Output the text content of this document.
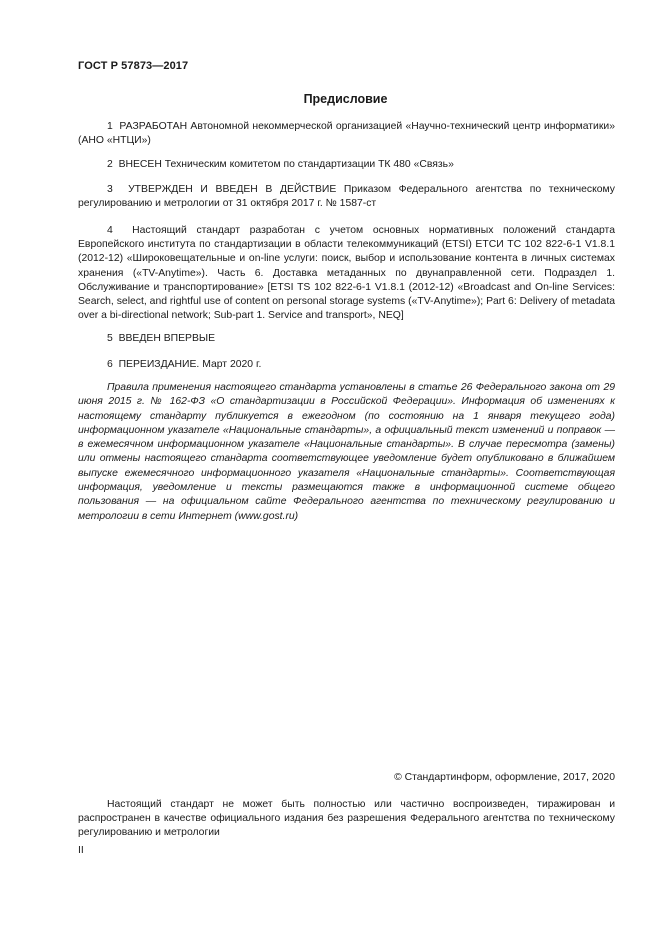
ГОСТ Р 57873—2017
Предисловие
1 РАЗРАБОТАН Автономной некоммерческой организацией «Научно-технический центр информатики» (АНО «НТЦИ»)
2 ВНЕСЕН Техническим комитетом по стандартизации ТК 480 «Связь»
3 УТВЕРЖДЕН И ВВЕДЕН В ДЕЙСТВИЕ Приказом Федерального агентства по техническому регулированию и метрологии от 31 октября 2017 г. № 1587-ст
4 Настоящий стандарт разработан с учетом основных нормативных положений стандарта Европейского института по стандартизации в области телекоммуникаций (ETSI) ЕТСИ ТС 102 822-6-1 V1.8.1 (2012-12) «Широковещательные и on-line услуги: поиск, выбор и использование контента в личных системах хранения («TV-Anytime»). Часть 6. Доставка метаданных по двунаправленной сети. Подраздел 1. Обслуживание и транспортирование» [ETSI TS 102 822-6-1 V1.8.1 (2012-12) «Broadcast and On-line Services: Search, select, and rightful use of content on personal storage systems («TV-Anytime»); Part 6: Delivery of metadata over a bi-directional network; Sub-part 1. Service and transport», NEQ]
5 ВВЕДЕН ВПЕРВЫЕ
6 ПЕРЕИЗДАНИЕ. Март 2020 г.
Правила применения настоящего стандарта установлены в статье 26 Федерального закона от 29 июня 2015 г. № 162-ФЗ «О стандартизации в Российской Федерации». Информация об изменениях к настоящему стандарту публикуется в ежегодном (по состоянию на 1 января текущего года) информационном указателе «Национальные стандарты», а официальный текст изменений и поправок — в ежемесячном информационном указателе «Национальные стандарты». В случае пересмотра (замены) или отмены настоящего стандарта соответствующее уведомление будет опубликовано в ближайшем выпуске ежемесячного информационного указателя «Национальные стандарты». Соответствующая информация, уведомление и тексты размещаются также в информационной системе общего пользования — на официальном сайте Федерального агентства по техническому регулированию и метрологии в сети Интернет (www.gost.ru)
© Стандартинформ, оформление, 2017, 2020
Настоящий стандарт не может быть полностью или частично воспроизведен, тиражирован и распространен в качестве официального издания без разрешения Федерального агентства по техническому регулированию и метрологии
II
